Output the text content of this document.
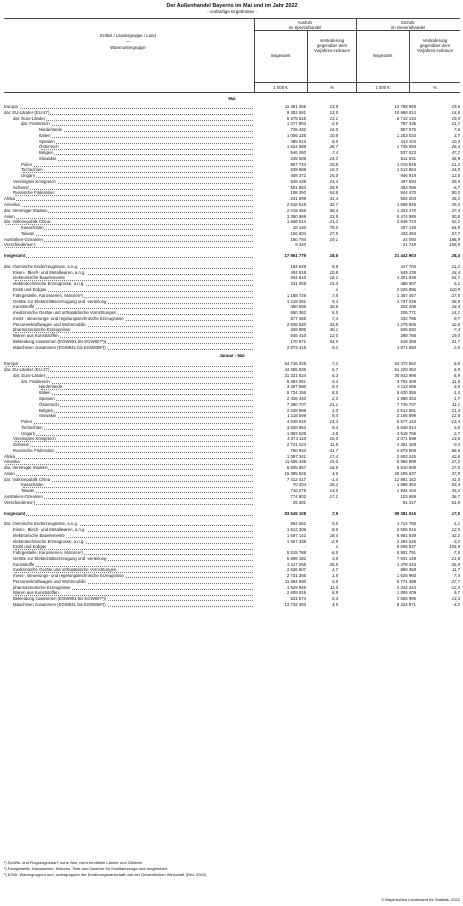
Der Außenhandel Bayerns im Mai und im Jahr 2022
- vorläufige Ergebnisse -
Erdteil / Ländergruppe / Land
—
Warenuntergruppe
Ausfuhr
im Spezialhandel
Einfuhr
im Generalhandel
Insgesamt
Veränderung gegenüber dem Vorjahres-zeitraum
Insgesamt
Veränderung gegenüber dem Vorjahres-zeitraum
1 000 €	%	1 000 €	%
Mai
Europa	11 481 259	13,9	13 788 969	19,6
dar. EU-Länder (EU-27)	9 352 581	13,5	10 968 914	14,6
dar. Euro-Länder	6 579 516	13,1	6 712 134	19,4
dar. Frankreich	1 077 864	-2,9	787 335	21,7
Niederlande	725 432	16,0	857 975	7,6
Italien	1 006 125	10,8	1 253 033	3,7
Spanien	485 013	6,0	413 104	10,3
Österreich	1 624 588	26,7	1 735 093	26,4
Belgien	546 260	7,4	537 523	47,2
Slowakei	245 506	24,2	511 931	46,9
Polen	857 744	20,8	1 019 819	-21,2
Tschechien	639 688	10,3	1 512 864	24,0
Ungarn	408 372	15,0	946 919	12,0
Vereinigtes Königreich	848 438	24,4	497 694	39,3
Schweiz	601 883	28,5	483 086	-5,7
Russische Föderation	108 250	-54,8	944 470	90,0
Afrika	241 699	31,4	554 203	45,2
Amerika	2 618 618	33,7	1 568 949	39,3
dar. Vereinigte Staaten	2 015 456	36,4	1 323 470	37,4
Asien	3 350 969	23,9	5 474 985	50,6
dar. Volksrepublik China	1 668 014	21,2	2 648 723	52,2
Kasachstan	18 140	78,0	407 148	64,9
Taiwan	156 604	27,5	433 453	57,7
Australien-Ozeanien	160 794	19,1	34 050	186,9
Verschiedenes¹)	8 440	.	21 748	106,8
Insgesamt	17 861 779	18,6	21 442 903	28,4
dar. chemische Enderzeugnisse, a.n.g.	184 649	9,8	417 704	21,2
Eisen-, Blech- und Metallwaren, a.n.g.	404 918	10,8	549 139	18,4
elektronische Bauelemente	344 910	18,1	1 301 826	54,7
elektrotechnische Erzeugnisse, a.n.g.	331 069	15,3	458 607	5,1
Erdöl und Erdgas	-	x	2 025 896	110,9
Fahrgestelle, Karosserien, Motoren²)	1 188 729	7,8	1 357 457	27,5
Geräte zur Elektrizitätserzeugung und -verteilung	1 218 281	9,4	1 737 028	38,8
Kunststoffe	450 606	30,6	322 206	18,4
medizinische Geräte und orthopädische Vorrichtungen	550 362	8,5	205 771	14,1
mess-, steuerungs- und regelungstechnische Erzeugnisse	577 466	7,4	332 795	9,7
Personenkraftwagen und Wohnmobile	2 536 520	33,8	1 275 905	42,8
pharmazeutische Erzeugnisse	326 885	40,1	526 592	-7,4
Waren aus Kunststoffen	546 410	12,0	398 788	19,0
Bekleidung zusammen (EGW801 bis EGW807³))	170 971	54,5	518 358	31,7
Maschinen zusammen (EGW841 bis EGW859³))	2 873 415	9,2	1 871 683	2,0
Januar - Mai
Europa	54 746 325	7,2	64 472 562	8,8
dar. EU-Länder (EU-27)	44 285 835	6,7	51 220 362	6,9
dar. Euro-Länder	31 321 024	6,3	30 843 996	6,9
dar. Frankreich	5 363 051	-3,4	3 702 308	11,6
Niederlande	3 407 680	9,3	4 113 696	-3,8
Italien	5 734 156	8,5	5 630 355	-1,4
Spanien	2 426 440	2,3	1 898 333	-1,7
Österreich	7 480 707	21,1	7 745 707	11,1
Belgien	2 628 888	1,0	2 512 061	21,4
Slowakei	1 118 599	9,4	2 165 899	12,6
Polen	4 048 610	14,3	5 577 143	-13,4
Tschechien	3 028 964	9,4	6 648 914	3,8
Ungarn	1 893 625	3,8	4 518 755	2,7
Vereinigtes Königreich	4 374 110	10,3	2 071 598	13,6
Schweiz	2 721 224	11,8	2 351 159	-0,4
Russische Föderation	760 933	-41,7	4 673 908	86,6
Afrika	1 097 341	17,4	2 603 245	42,6
Amerika	11 605 435	15,0	6 956 809	27,2
dar. Vereinigte Staaten	8 935 957	16,9	5 910 608	27,0
Asien	15 395 825	4,0	25 205 637	37,9
dar. Volksrepublik China	7 412 417	-1,4	12 881 162	41,3
Kasachstan	70 404	26,2	1 888 353	83,4
Taiwan	710 279	14,0	1 934 104	45,2
Australien-Ozeanien	774 802	17,1	103 659	36,7
Verschiedenes¹)	25 381	.	81 317	61,8
Insgesamt	83 645 108	7,9	99 381 615	17,0
dar. chemische Enderzeugnisse, a.n.g.	892 062	5,5	1 714 760	-1,1
Eisen-, Blech- und Metallwaren, a.n.g.	1 912 306	8,0	2 505 916	12,5
elektronische Bauelemente	1 697 142	18,4	5 961 939	42,2
elektrotechnische Erzeugnisse, a.n.g.	1 557 338	-2,9	2 254 525	-3,2
Erdöl und Erdgas	-	x	9 005 837	105,9
Fahrgestelle, Karosserien, Motoren²)	5 515 788	-6,5	5 951 791	-7,0
Geräte zur Elektrizitätserzeugung und -verteilung	5 896 192	3,8	7 931 149	21,6
Kunststoffe	2 117 255	26,5	1 478 423	26,8
medizinische Geräte und orthopädische Vorrichtungen	2 626 607	3,7	959 458	11,7
mess-, steuerungs- und regelungstechnische Erzeugnisse	2 731 285	1,5	1 625 960	7,4
Personenkraftwagen und Wohnmobile	11 684 590	-3,8	5 771 398	27,7
pharmazeutische Erzeugnisse	1 629 946	11,0	2 342 444	-12,3
Waren aus Kunststoffen	2 609 915	8,9	1 806 409	9,7
Bekleidung zusammen (EGW801 bis EGW807³))	531 674	5,4	2 565 995	13,3
Maschinen zusammen (EGW841 bis EGW859³))	13 732 393	4,5	9 224 871	-4,2
¹) Schiffs- und Flugzeugbedarf, hohe See, nicht ermittelte Länder und Gebiete.
²) Fahrgestelle, Karosserien, Motoren, Teile und Zubehör für Kraftfahrzeuge und dergleichen.
³) EGW: Warengruppen und -untergruppen der Ernährungswirtschaft und der Gewerblichen Wirtschaft (Rev. 2002).
© Bayerisches Landesamt für Statistik, 2022
